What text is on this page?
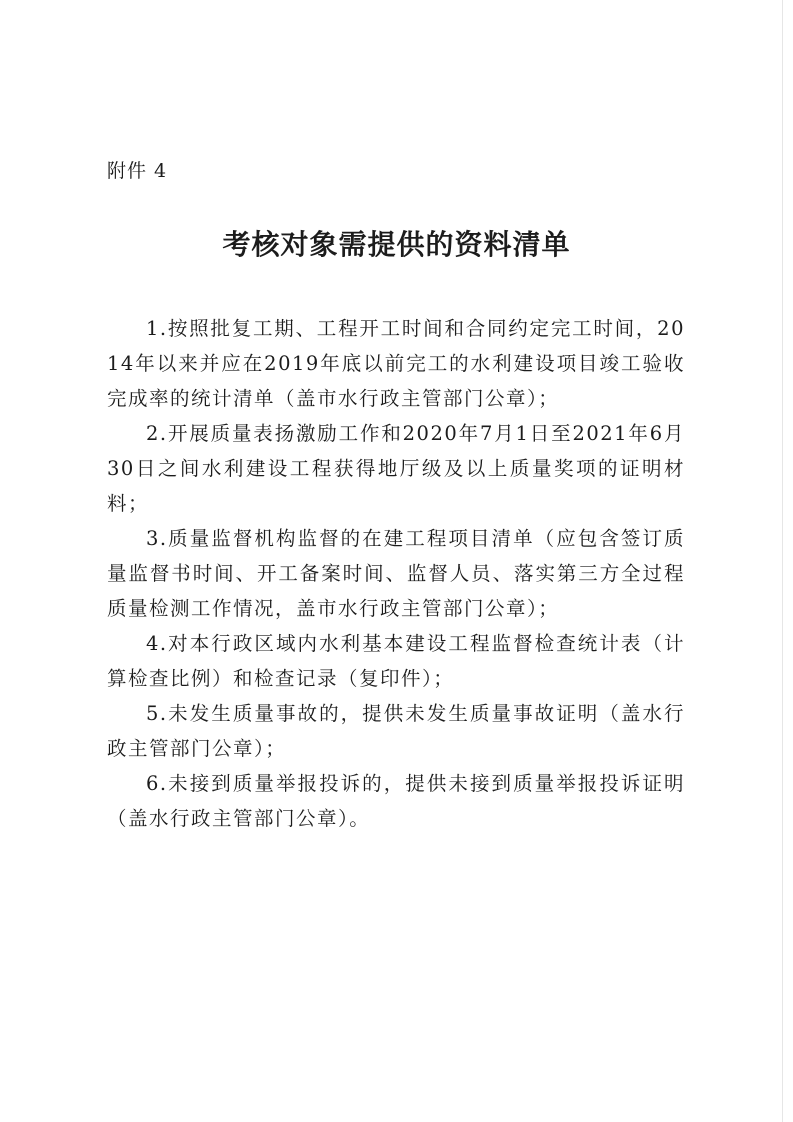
附件 4
考核对象需提供的资料清单

1.按照批复工期、工程开工时间和合同约定完工时间，2014年以来并应在2019年底以前完工的水利建设项目竣工验收完成率的统计清单（盖市水行政主管部门公章）；

2.开展质量表扬激励工作和2020年7月1日至2021年6月30日之间水利建设工程获得地厅级及以上质量奖项的证明材料；

3.质量监督机构监督的在建工程项目清单（应包含签订质量监督书时间、开工备案时间、监督人员、落实第三方全过程质量检测工作情况，盖市水行政主管部门公章）；

4.对本行政区域内水利基本建设工程监督检查统计表（计算检查比例）和检查记录（复印件）；

5.未发生质量事故的，提供未发生质量事故证明（盖水行政主管部门公章）；

6.未接到质量举报投诉的，提供未接到质量举报投诉证明（盖水行政主管部门公章）。
